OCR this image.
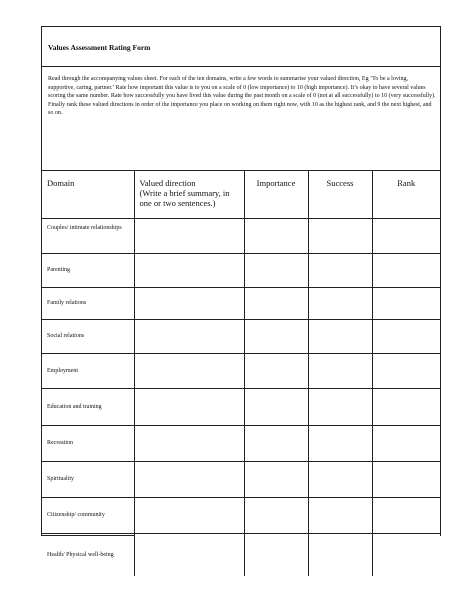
Values Assessment Rating Form
Read through the accompanying values sheet. For each of the ten domains, write a few words to summarise your valued direction, Eg ‘To be a loving, supportive, caring, partner.’ Rate how important this value is to you on a scale of 0 (low importance) to 10 (high importance). It’s okay to have several values scoring the same number. Rate how successfully you have lived this value during the past month on a scale of 0 (not at all successfully) to 10 (very successfully). Finally rank these valued directions in order of the importance you place on working on them right now, with 10 as the highest rank, and 9 the next highest, and so on.
Domain	Valued direction
(Write a brief summary, in
one or two sentences.)	Importance	Success	Rank

Couples/ intimate relationships				

Parenting				

Family relations				

Social relations				

Employment				

Education and training				

Recreation				

Spirituality				

Citizenship/ community				

Health/ Physical well-being				
